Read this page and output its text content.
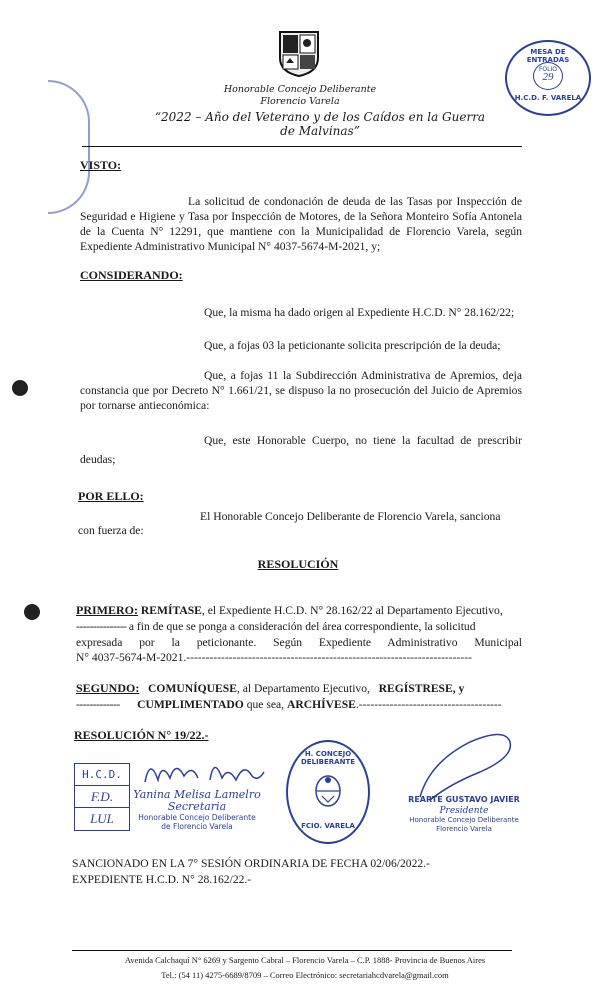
Honorable Concejo Deliberante
Florencio Varela
“2022 – Año del Veterano y de los Caídos en la Guerra de Malvinas”
MESA DE ENTRADAS
FOLIO
29
H.C.D. F. VARELA
VISTO:
La solicitud de condonación de deuda de las Tasas por Inspección de Seguridad e Higiene y Tasa por Inspección de Motores, de la Señora Monteiro Sofía Antonela de la Cuenta N° 12291, que mantiene con la Municipalidad de Florencio Varela, según Expediente Administrativo Municipal N° 4037-5674-M-2021, y;
CONSIDERANDO:
Que, la misma ha dado origen al Expediente H.C.D. N° 28.162/22;
Que, a fojas 03 la peticionante solicita prescripción de la deuda;
Que, a fojas 11 la Subdirección Administrativa de Apremios, deja constancia que por Decreto N° 1.661/21, se dispuso la no prosecución del Juicio de Apremios por tornarse antieconómica:
Que, este Honorable Cuerpo, no tiene la facultad de prescribir deudas;
POR ELLO:
El Honorable Concejo Deliberante de Florencio Varela, sanciona
con fuerza de:
RESOLUCIÓN
PRIMERO: REMÍTASE, el Expediente H.C.D. N° 28.162/22 al Departamento Ejecutivo,
--------------- a fin de que se ponga a consideración del área correspondiente, la solicitud
expresada por la peticionante. Según Expediente Administrativo Municipal
N° 4037-5674-M-2021.--------------------------------------------------------------------------
SEGUNDO: COMUNÍQUESE, al Departamento Ejecutivo, REGÍSTRESE, y
------------- CUMPLIMENTADO que sea, ARCHÍVESE.-------------------------------------
RESOLUCIÓN N° 19/22.-
H.C.D.
F.D.
LUL
Yanina Melisa Lamelro
Secretaria
Honorable Concejo Deliberante
de Florencio Varela
H. CONCEJO DELIBERANTE
FCIO. VARELA
REARTE GUSTAVO JAVIER
Presidente
Honorable Concejo Deliberante
Florencio Varela
SANCIONADO EN LA 7° SESIÓN ORDINARIA DE FECHA 02/06/2022.-
EXPEDIENTE H.C.D. N° 28.162/22.-
Avenida Calchaquí N° 6269 y Sargento Cabral – Florencio Varela – C.P. 1888- Provincia de Buenos Aires
Tel.: (54 11) 4275-6689/8709 – Correo Electrónico: secretariahcdvarela@gmail.com
